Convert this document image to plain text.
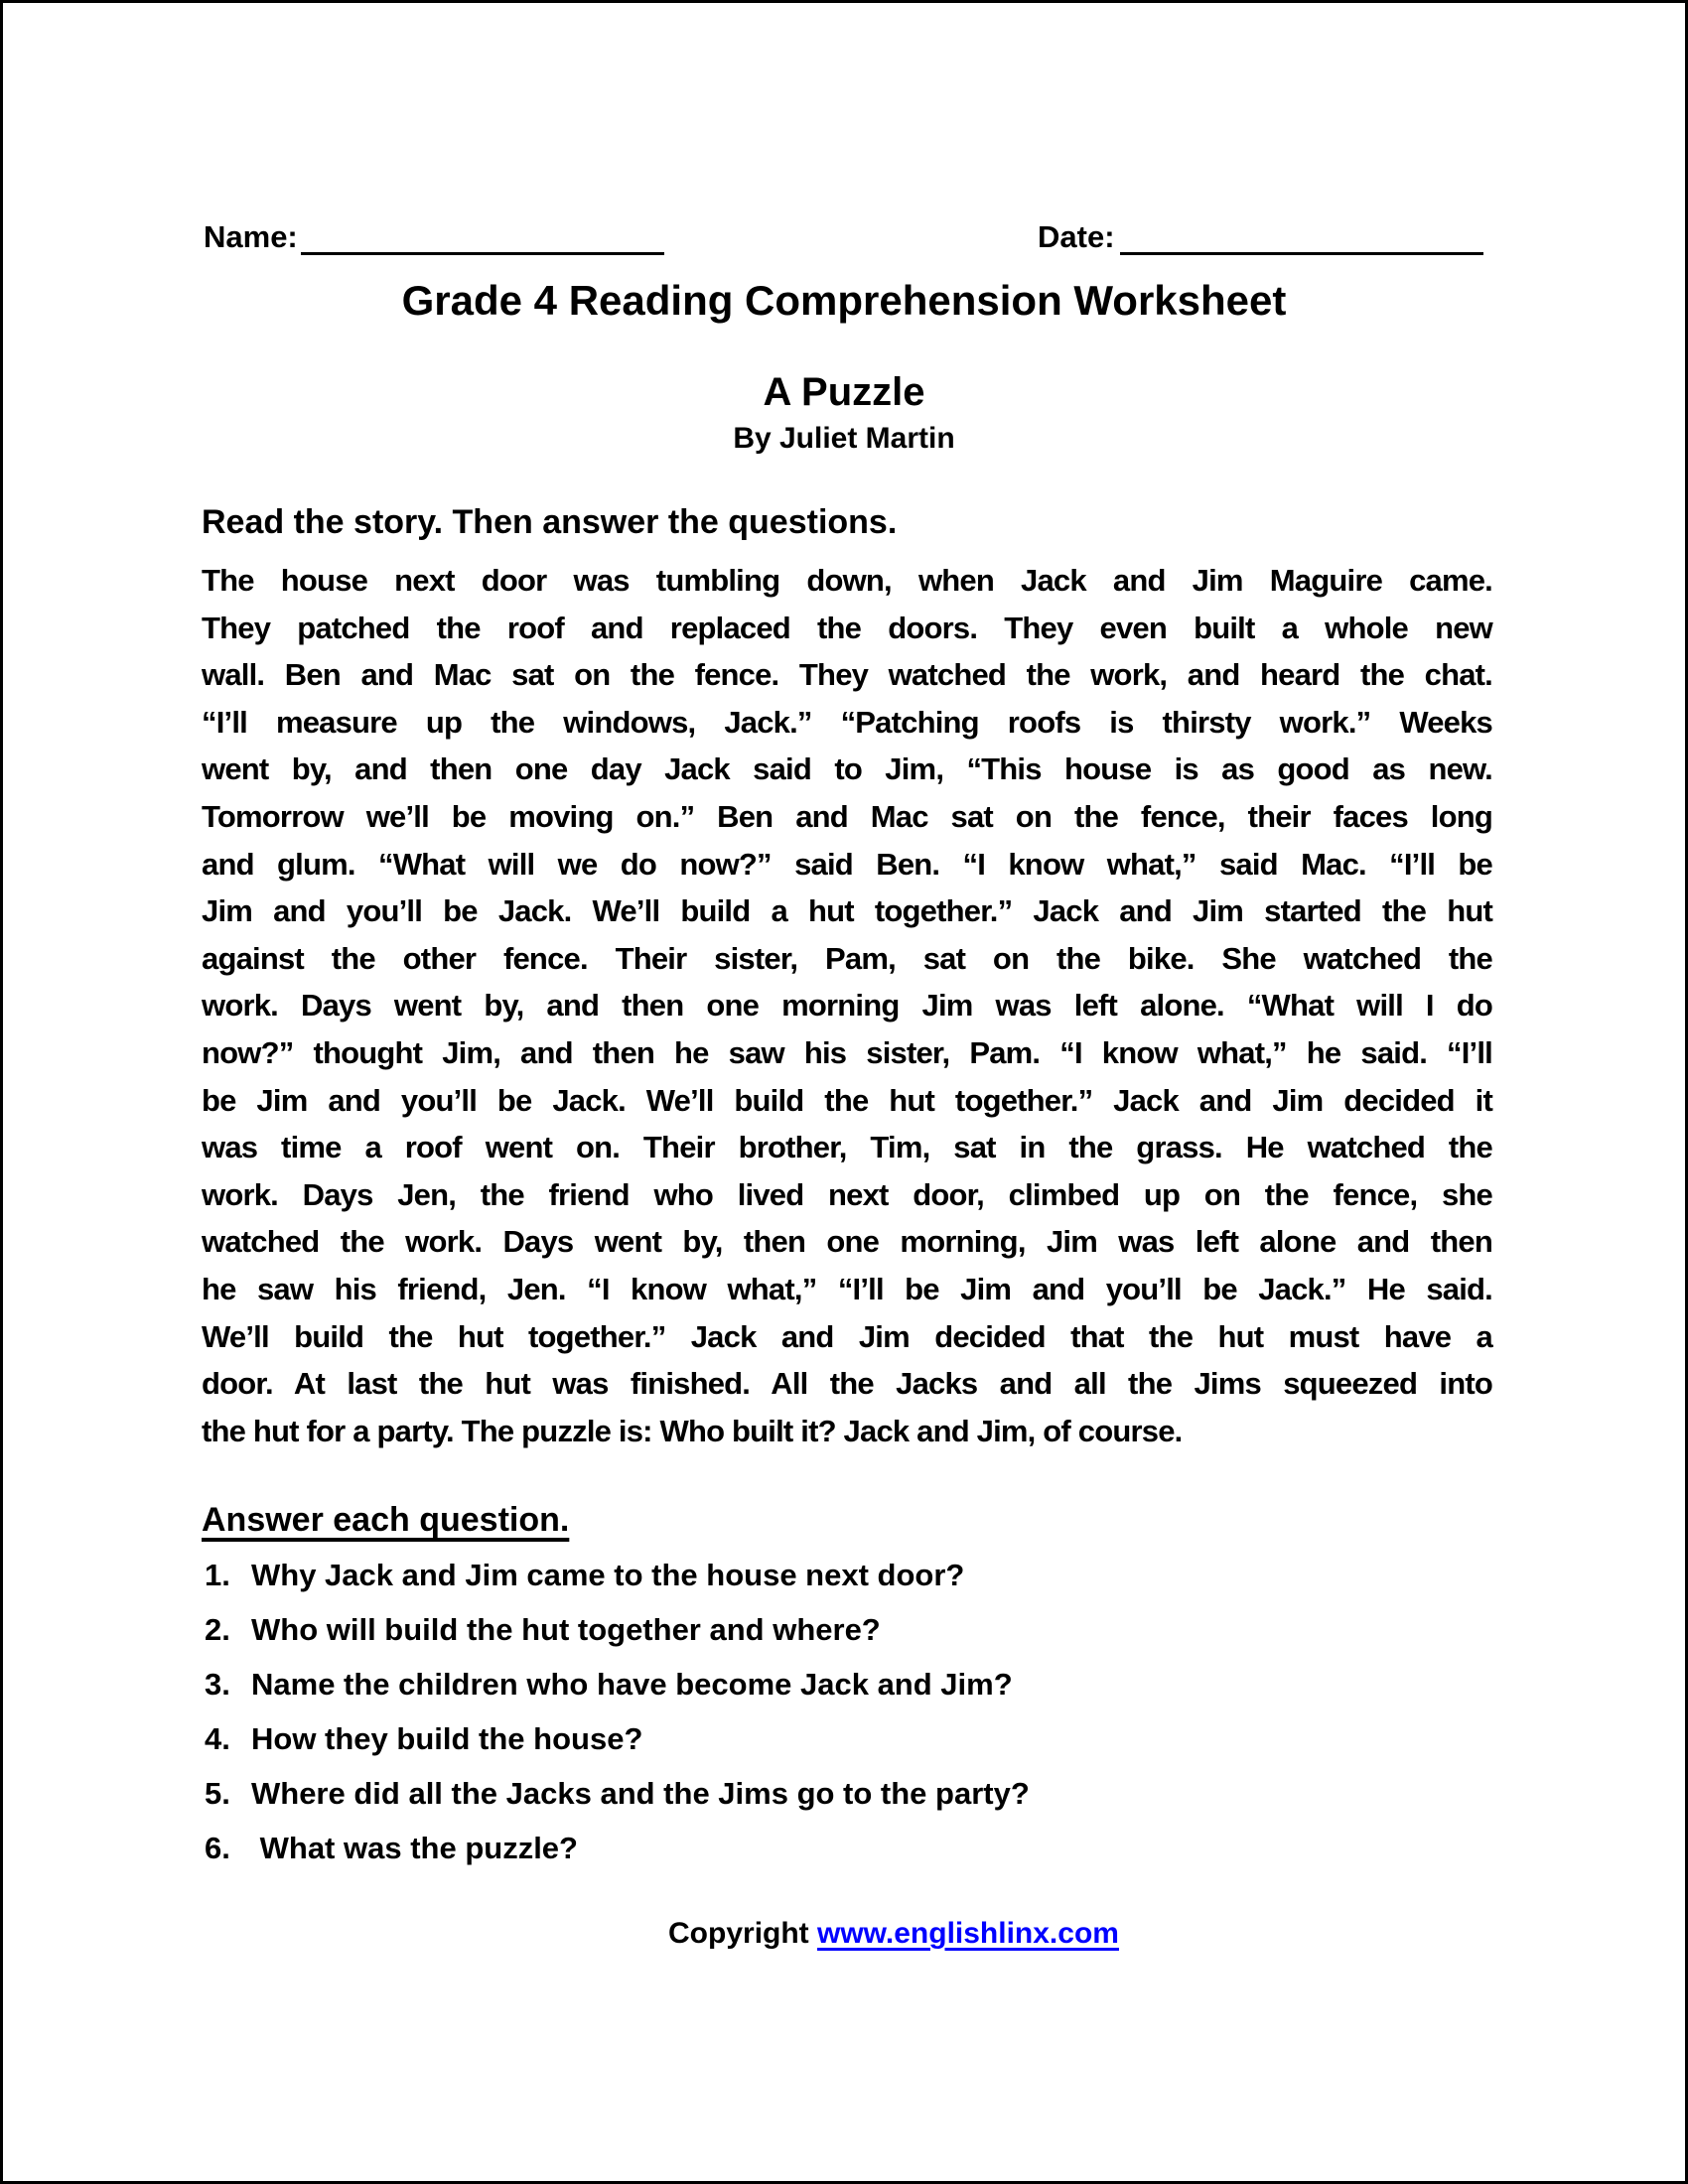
Name:	Date:
Grade 4 Reading Comprehension Worksheet
A Puzzle
By Juliet Martin
Read the story. Then answer the questions.
The house next door was tumbling down, when Jack and Jim Maguire came.
They patched the roof and replaced the doors. They even built a whole new
wall. Ben and Mac sat on the fence. They watched the work, and heard the chat.
“I’ll measure up the windows, Jack.” “Patching roofs is thirsty work.” Weeks
went by, and then one day Jack said to Jim, “This house is as good as new.
Tomorrow we’ll be moving on.” Ben and Mac sat on the fence, their faces long
and glum. “What will we do now?” said Ben. “I know what,” said Mac. “I’ll be
Jim and you’ll be Jack. We’ll build a hut together.” Jack and Jim started the hut
against the other fence. Their sister, Pam, sat on the bike. She watched the
work. Days went by, and then one morning Jim was left alone. “What will I do
now?” thought Jim, and then he saw his sister, Pam. “I know what,” he said. “I’ll
be Jim and you’ll be Jack. We’ll build the hut together.” Jack and Jim decided it
was time a roof went on. Their brother, Tim, sat in the grass. He watched the
work. Days Jen, the friend who lived next door, climbed up on the fence, she
watched the work. Days went by, then one morning, Jim was left alone and then
he saw his friend, Jen. “I know what,” “I’ll be Jim and you’ll be Jack.” He said.
We’ll build the hut together.” Jack and Jim decided that the hut must have a
door. At last the hut was finished. All the Jacks and all the Jims squeezed into
the hut for a party. The puzzle is: Who built it? Jack and Jim, of course.
Answer each question.
1. Why Jack and Jim came to the house next door?
2. Who will build the hut together and where?
3. Name the children who have become Jack and Jim?
4. How they build the house?
5. Where did all the Jacks and the Jims go to the party?
6. What was the puzzle?
Copyright www.englishlinx.com
